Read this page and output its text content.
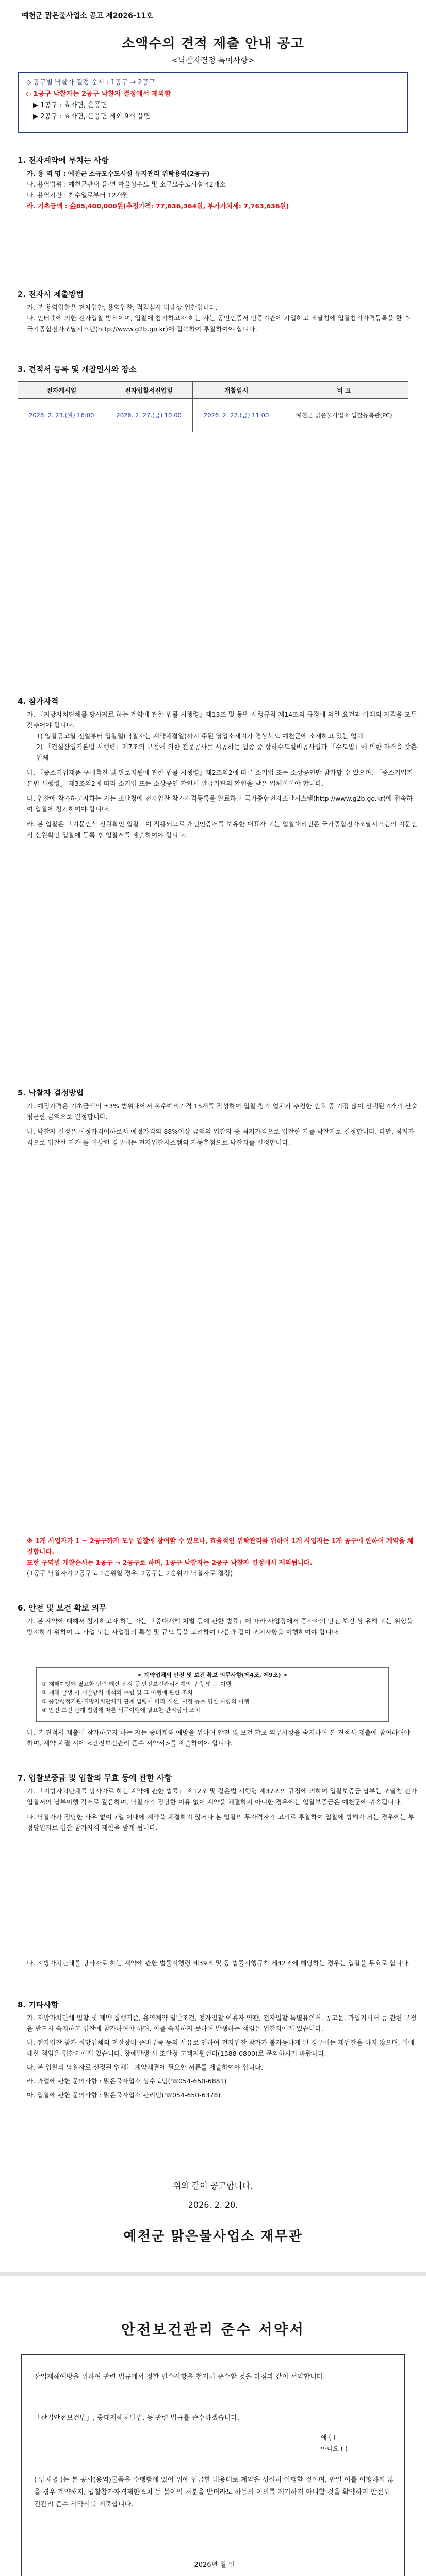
예천군 맑은물사업소 공고 제2026-11호
소액수의 견적 제출 안내 공고
<낙찰자결정 특이사항>
◇ 공구별 낙찰자 결정 순서 : 1공구 → 2공구
◇ 1공구 낙찰자는 2공구 낙찰자 결정에서 제외함
▶ 1공구 : 효자면, 은풍면
▶ 2공구 : 효자면, 은풍면 제외 9개 읍면
1. 전자계약에 부치는 사항
가. 용 역 명 : 예천군 소규모수도시설 유지관리 위탁용역(2공구)
나. 용역범위 : 예천군관내 읍·면 마을상수도 및 소규모수도시설 42개소
다. 용역기간 : 착수일로부터 12개월
라. 기초금액 : 金85,400,000원(추정가격: 77,636,364원, 부가가치세: 7,763,636원)
2. 전자시 제출방법
가. 본 용역입찰은 전자입찰, 용역입찰, 적격심사 비대상 입찰입니다.
나. 인터넷에 의한 전자입찰 방식이며, 입찰에 참가하고자 하는 자는 공인인증서 인증기관에 가입하고 조달청에 입찰참가자격등록을 한 후 국가종합전자조달시스템(http://www.g2b.go.kr)에 접속하여 투찰하여야 합니다.
3. 견적서 등록 및 개찰일시와 장소
전자계시일	전자입찰서진입일	개찰일시	비 고
2026. 2. 23.(월) 16:00	2026. 2. 27.(금) 10:00	2026. 2. 27.(금) 11:00	예천군 맑은물사업소 입찰등록관(PC)
4. 참가자격
가. 『지방자치단체를 당사자로 하는 계약에 관한 법률 시행령』제13조 및 동법 시행규칙 제14조의 규정에 의한 요건과 아래의 자격을 모두 갖추어야 합니다.
1) 입찰공고일 전일부터 입찰일(낙찰자는 계약체결일)까지 주된 영업소재지가 경상북도 예천군에 소재하고 있는 업체
2) 「건설산업기본법 시행령」제7조의 규정에 의한 전문공사를 시공하는 업종 중 상하수도설비공사업과 「수도법」에 의한 자격을 갖춘 업체
나. 『중소기업제품 구매촉진 및 판로지원에 관한 법률 시행령』제2조의2에 따른 소기업 또는 소상공인만 참가할 수 있으며, 「중소기업기본법 시행령」 제3조의2에 따라 소기업 또는 소상공인 확인서 발급기관의 확인을 받은 업체이어야 합니다.
다. 입찰에 참가하고자하는 자는 조달청에 전자입찰 참가자격등록을 완료하고 국가종합전자조달시스템(http://www.g2b.go.kr)에 접속하여 입찰에 참가하여야 합니다.
라. 본 입찰은 「지문인식 신원확인 입찰」이 적용되므로 개인인증서를 보유한 대표자 또는 입찰대리인은 국가종합전자조달시스템의 지문인식 신원확인 입찰에 등록 후 입찰서를 제출하여야 합니다.
5. 낙찰자 결정방법
가. 예정가격은 기초금액의 ±3% 범위내에서 복수예비가격 15개를 작성하여 입찰 참가 업체가 추첨한 번호 중 가장 많이 선택된 4개의 산술평균한 금액으로 결정합니다.
나. 낙찰자 결정은 예정가격이하로서 예정가격의 88%이상 금액의 입찰자 중 최저가격으로 입찰한 자를 낙찰자로 결정합니다. 다만, 최저가격으로 입찰한 자가 둘 이상인 경우에는 전자입찰시스템의 자동추첨으로 낙찰자를 결정합니다.
※ 1개 사업자가 1 ~ 2공구까지 모두 입찰에 참여할 수 있으나, 효율적인 위탁관리를 위하여 1개 사업자는 1개 공구에 한하여 계약을 체결합니다.
또한 구역별 개찰순서는 1공구 → 2공구로 하며, 1공구 낙찰자는 2공구 낙찰자 결정에서 제외됩니다.
(1공구 낙찰자가 2공구도 1순위일 경우, 2공구는 2순위가 낙찰자로 결정)
6. 안전 및 보건 확보 의무
가. 본 계약에 대해서 참가하고자 하는 자는 「중대재해 처벌 등에 관한 법률」에 따라 사업장에서 종사자의 안전·보건 상 유해 또는 위험을 방지하기 위하여 그 사업 또는 사업장의 특성 및 규모 등을 고려하여 다음과 같이 조치사항을 이행하여야 합니다.
< 계약업체의 안전 및 보건 확보 의무사항(제4조, 제9조) >
① 재해예방에 필요한 인력·예산·점검 등 안전보건관리체계의 구축 및 그 이행
② 재해 발생 시 재발방지 대책의 수립 및 그 이행에 관한 조치
③ 중앙행정기관·지방자치단체가 관계 법령에 따라 개선, 시정 등을 명한 사항의 이행
④ 안전·보건 관계 법령에 따른 의무이행에 필요한 관리상의 조치
나. 본 견적서 제출에 참가하고자 하는 자는 중대재해 예방을 위하여 안전 및 보건 확보 의무사항을 숙지하여 본 견적서 제출에 참여하여야 하며, 계약 체결 시에 <안전보건관리 준수 서약서>를 제출하여야 합니다.
7. 입찰보증금 및 입찰의 무효 등에 관한 사항
가. 「지방자치단체를 당사자로 하는 계약에 관한 법률」 제12조 및 같은법 시행령 제37조의 규정에 의하여 입찰보증금 납부는 조달청 전자입찰서의 납부이행 각서로 갈음하며, 낙찰자가 정당한 이유 없이 계약을 체결하지 아니한 경우에는 입찰보증금은 예천군에 귀속됩니다.
나. 낙찰자가 정당한 사유 없이 7일 이내에 계약을 체결하지 않거나 본 입찰의 무자격자가 고의로 투찰하여 입찰에 방해가 되는 경우에는 부정당업자로 입찰 참가자격 제한을 받게 됩니다.
다. 지방자치단체를 당사자로 하는 계약에 관한 법률시행령 제39조 및 동 법률시행규칙 제42조에 해당하는 경우는 입찰을 무효로 합니다.
8. 기타사항
가. 지방자치단체 입찰 및 계약 집행기준, 용역계약 일반조건, 전자입찰 이용자 약관, 전자입찰 특별유의서, 공고문, 과업지시서 등 관련 규정을 반드시 숙지하고 입찰에 참가하여야 하며, 이를 숙지하지 못하여 발생하는 책임은 입찰자에게 있습니다.
나. 전자입찰 참가 희망업체의 전산장비 준비부족 등의 사유로 인하여 전자입찰 참가가 불가능하게 된 경우에는 재입찰을 하지 않으며, 이에 대한 책임은 입찰자에게 있습니다. 장애발생 시 조달청 고객지원센터(1588-0800)로 문의하시기 바랍니다.
다. 본 입찰의 낙찰자로 선정된 업체는 계약체결에 필요한 서류를 제출하여야 합니다.
라. 과업에 관한 문의사항 : 맑은물사업소 상수도팀(☏054-650-6881)
마. 입찰에 관한 문의사항 : 맑은물사업소 관리팀(☏054-650-6378)
위와 같이 공고합니다.
2026. 2. 20.
예천군 맑은물사업소 재무관
안전보건관리 준수 서약서
산업재해예방을 위하여 관련 법규에서 정한 필수사항을 철저히 준수할 것을 다짐과 같이 서약합니다.
「산업안전보건법」, 중대재해처벌법, 등 관련 법규를 준수하겠습니다.
예 ( )
아니요 ( )
( 업체명 )는 본 공사(용역)물품을 수행함에 있어 위에 언급한 내용대로 계약을 성실히 이행할 것이며, 만일 이를 이행하지 않을 경우 계약해지, 입찰참가자격제한조치 등 불이익 처분을 받더라도 하등의 이의를 제기하지 아니할 것을 확약하며 안전보건관리 준수 서약서를 제출합니다.
2026년 월 일
